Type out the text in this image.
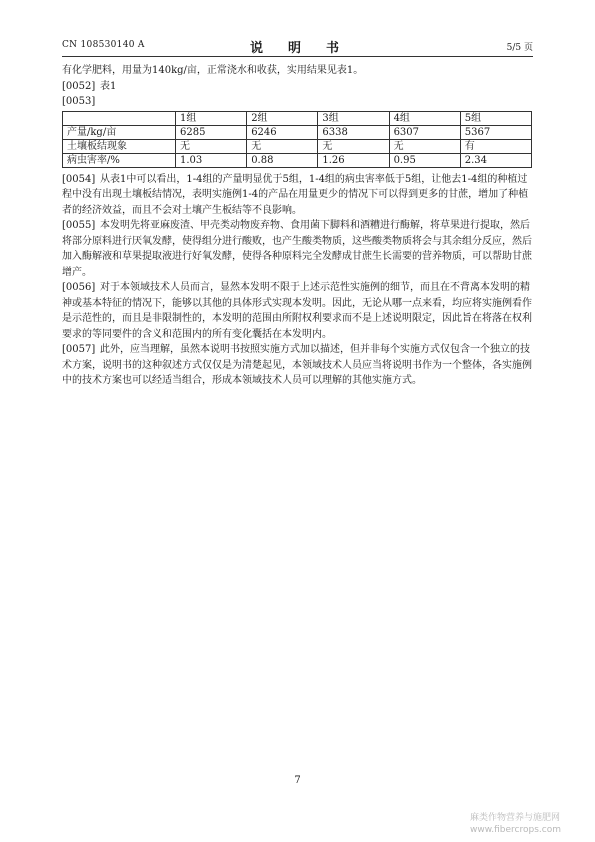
CN 108530140 A	说　明　书	5/5 页

有化学肥料，用量为140kg/亩，正常浇水和收获，实用结果见表1。

[0052] 表1

[0053]

	1组	2组	3组	4组	5组
产量/kg/亩	6285	6246	6338	6307	5367
土壤板结现象	无	无	无	无	有
病虫害率/%	1.03	0.88	1.26	0.95	2.34

[0054] 从表1中可以看出，1-4组的产量明显优于5组，1-4组的病虫害率低于5组，让他去1-4组的种植过程中没有出现土壤板结情况，表明实施例1-4的产品在用量更少的情况下可以得到更多的甘蔗，增加了种植者的经济效益，而且不会对土壤产生板结等不良影响。

[0055] 本发明先将亚麻废渣、甲壳类动物废弃物、食用菌下脚料和酒糟进行酶解，将草果进行提取，然后将部分原料进行厌氧发酵，使得组分进行酸败，也产生酸类物质，这些酸类物质将会与其余组分反应，然后加入酶解液和草果提取液进行好氧发酵，使得各种原料完全发酵成甘蔗生长需要的营养物质，可以帮助甘蔗增产。

[0056] 对于本领域技术人员而言，显然本发明不限于上述示范性实施例的细节，而且在不背离本发明的精神或基本特征的情况下，能够以其他的具体形式实现本发明。因此，无论从哪一点来看，均应将实施例看作是示范性的，而且是非限制性的，本发明的范围由所附权利要求而不是上述说明限定，因此旨在将落在权利要求的等同要件的含义和范围内的所有变化囊括在本发明内。

[0057] 此外，应当理解，虽然本说明书按照实施方式加以描述，但并非每个实施方式仅包含一个独立的技术方案，说明书的这种叙述方式仅仅是为清楚起见，本领域技术人员应当将说明书作为一个整体，各实施例中的技术方案也可以经适当组合，形成本领域技术人员可以理解的其他实施方式。

7
麻类作物营养与施肥网
www.fibercrops.com
